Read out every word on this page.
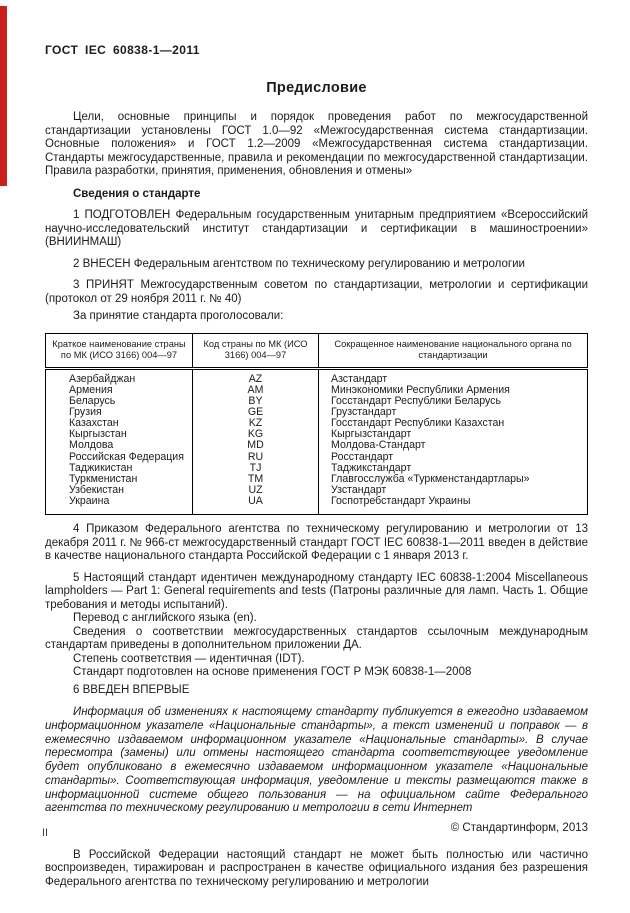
ГОСТ IEC 60838-1—2011
Предисловие

Цели, основные принципы и порядок проведения работ по межгосударственной стандартизации установлены ГОСТ 1.0—92 «Межгосударственная система стандартизации. Основные положения» и ГОСТ 1.2—2009 «Межгосударственная система стандартизации. Стандарты межгосударственные, правила и рекомендации по межгосударственной стандартизации. Правила разработки, принятия, применения, обновления и отмены»

Сведения о стандарте

1 ПОДГОТОВЛЕН Федеральным государственным унитарным предприятием «Всероссийский научно-исследовательский институт стандартизации и сертификации в машиностроении» (ВНИИНМАШ)

2 ВНЕСЕН Федеральным агентством по техническому регулированию и метрологии

3 ПРИНЯТ Межгосударственным советом по стандартизации, метрологии и сертификации (протокол от 29 ноября 2011 г. № 40)

За принятие стандарта проголосовали:

Краткое наименование страны по МК (ИСО 3166) 004—97	Код страны по МК (ИСО 3166) 004—97	Сокращенное наименование национального органа по стандартизации
Азербайджан	AZ	Азстандарт
Армения	AM	Минэкономики Республики Армения
Беларусь	BY	Госстандарт Республики Беларусь
Грузия	GE	Грузстандарт
Казахстан	KZ	Госстандарт Республики Казахстан
Кыргызстан	KG	Кыргызстандарт
Молдова	MD	Молдова-Стандарт
Российская Федерация	RU	Росстандарт
Таджикистан	TJ	Таджикстандарт
Туркменистан	TM	Главгосслужба «Туркменстандартлары»
Узбекистан	UZ	Узстандарт
Украина	UA	Госпотребстандарт Украины

4 Приказом Федерального агентства по техническому регулированию и метрологии от 13 декабря 2011 г. № 966-ст межгосударственный стандарт ГОСТ IEC 60838-1—2011 введен в действие в качестве национального стандарта Российской Федерации с 1 января 2013 г.

5 Настоящий стандарт идентичен международному стандарту IEC 60838-1:2004 Miscellaneous lampholders — Part 1: General requirements and tests (Патроны различные для ламп. Часть 1. Общие требования и методы испытаний).

Перевод с английского языка (en).

Сведения о соответствии межгосударственных стандартов ссылочным международным стандартам приведены в дополнительном приложении ДА.

Степень соответствия — идентичная (IDT).

Стандарт подготовлен на основе применения ГОСТ Р МЭК 60838-1—2008

6 ВВЕДЕН ВПЕРВЫЕ

Информация об изменениях к настоящему стандарту публикуется в ежегодно издаваемом информационном указателе «Национальные стандарты», а текст изменений и поправок — в ежемесячно издаваемом информационном указателе «Национальные стандарты». В случае пересмотра (замены) или отмены настоящего стандарта соответствующее уведомление будет опубликовано в ежемесячно издаваемом информационном указателе «Национальные стандарты». Соответствующая информация, уведомление и тексты размещаются также в информационной системе общего пользования — на официальном сайте Федерального агентства по техническому регулированию и метрологии в сети Интернет

© Стандартинформ, 2013

В Российской Федерации настоящий стандарт не может быть полностью или частично воспроизведен, тиражирован и распространен в качестве официального издания без разрешения Федерального агентства по техническому регулированию и метрологии

II
